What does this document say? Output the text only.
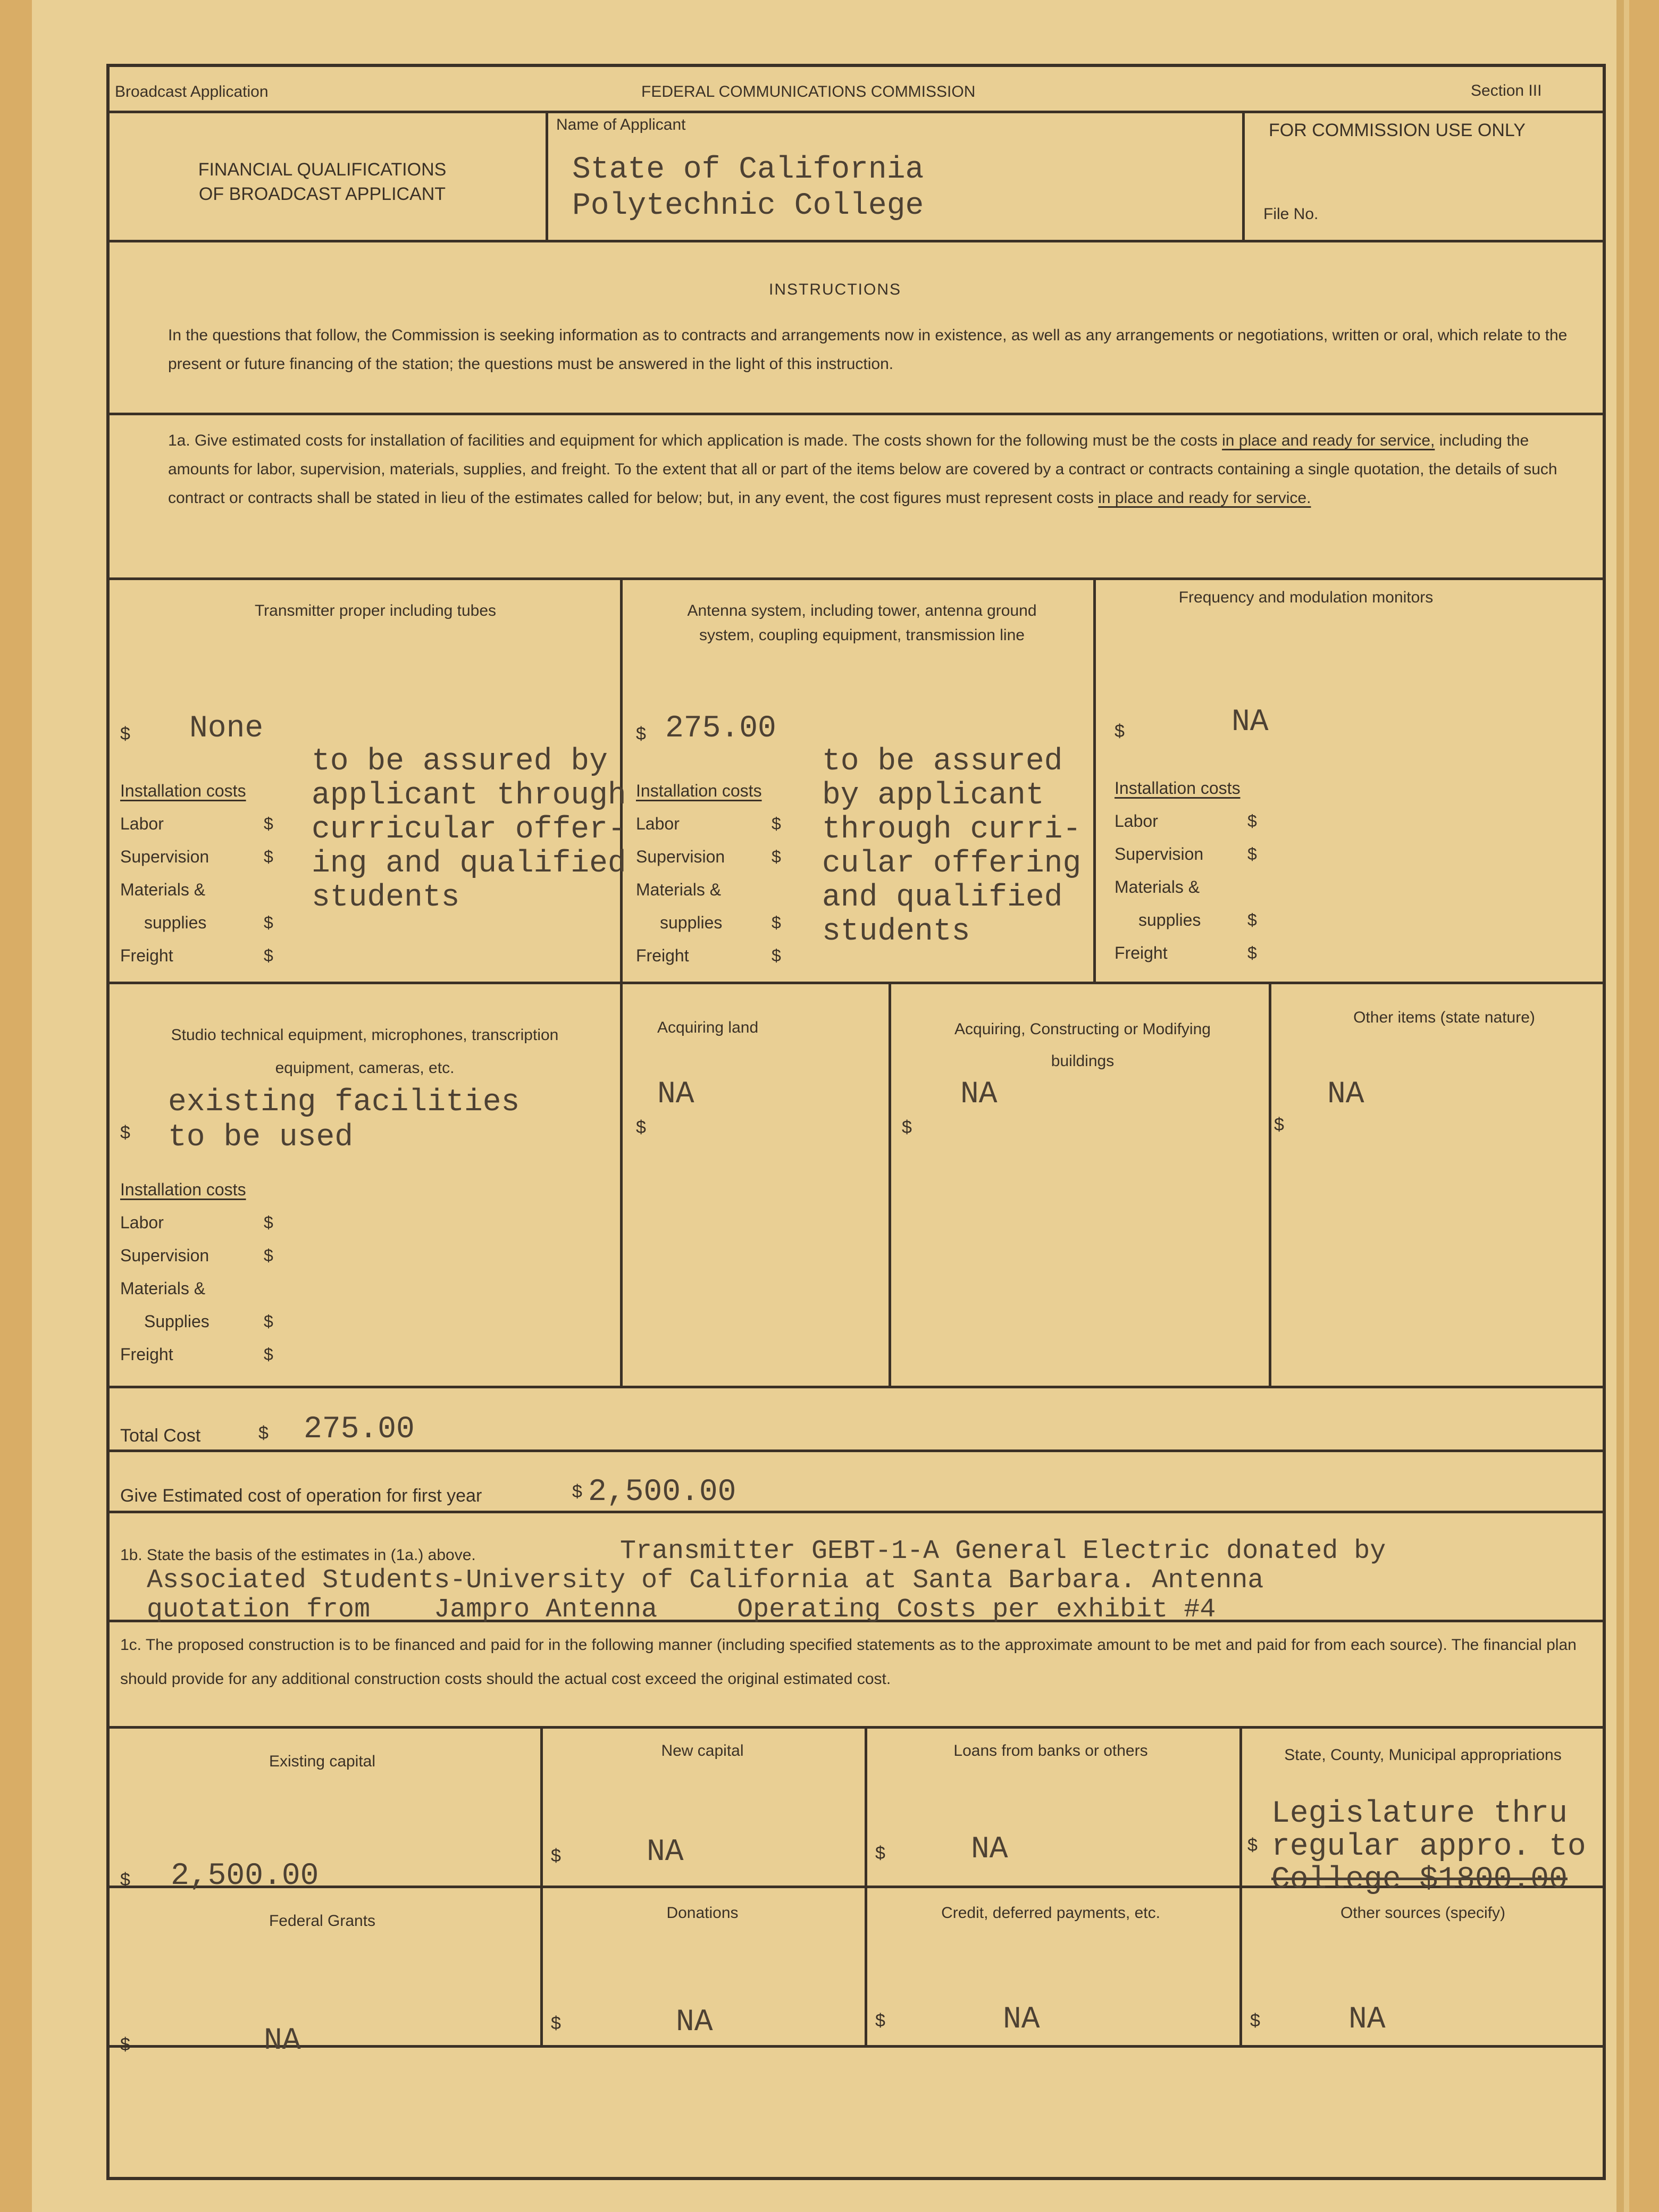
Broadcast Application	FEDERAL COMMUNICATIONS COMMISSION	Section III
FINANCIAL QUALIFICATIONS
OF BROADCAST APPLICANT
Name of Applicant
State of California
Polytechnic College
FOR COMMISSION USE ONLY
File No.
INSTRUCTIONS
In the questions that follow, the Commission is seeking information as to contracts and arrangements now in existence, as well as any arrangements or negotiations, written or oral, which relate to the present or future financing of the station; the questions must be answered in the light of this instruction.
1a. Give estimated costs for installation of facilities and equipment for which application is made. The costs shown for the following must be the costs in place and ready for service, including the amounts for labor, supervision, materials, supplies, and freight. To the extent that all or part of the items below are covered by a contract or contracts containing a single quotation, the details of such contract or contracts shall be stated in lieu of the estimates called for below; but, in any event, the cost figures must represent costs in place and ready for service.
Transmitter proper including tubes
$ None
to be assured by
applicant through
curricular offer-
ing and qualified
students
Installation costs
Labor	$
Supervision	$
Materials &
supplies	$
Freight	$
Antenna system, including tower, antenna ground system, coupling equipment, transmission line
$ 275.00
to be assured
by applicant
through curri-
cular offering
and qualified
students
Installation costs
Labor	$
Supervision	$
Materials &
supplies	$
Freight	$
Frequency and modulation monitors
$	NA
Installation costs
Labor	$
Supervision	$
Materials &
supplies	$
Freight	$
Studio technical equipment, microphones, transcription equipment, cameras, etc.
existing facilities
to be used
$
Installation costs
Labor	$
Supervision	$
Materials &
Supplies	$
Freight	$
Acquiring land
NA
$
Acquiring, Constructing or Modifying buildings
NA
$
Other items (state nature)
NA
$
Total Cost	$ 275.00
Give Estimated cost of operation for first year	$ 2,500.00
1b. State the basis of the estimates in (1a.) above.	Transmitter GEBT-1-A General Electric donated by
Associated Students-University of California at Santa Barbara. Antenna
quotation from    Jampro Antenna     Operating Costs per exhibit #4
1c. The proposed construction is to be financed and paid for in the following manner (including specified statements as to the approximate amount to be met and paid for from each source). The financial plan should provide for any additional construction costs should the actual cost exceed the original estimated cost.
Existing capital
$ 2,500.00
New capital
$	NA
Loans from banks or others
$	NA
State, County, Municipal appropriations
$
Legislature thru
regular appro. to
College $1800.00
Federal Grants
$	NA
Donations
$	NA
Credit, deferred payments, etc.
$	NA
Other sources (specify)
$	NA
